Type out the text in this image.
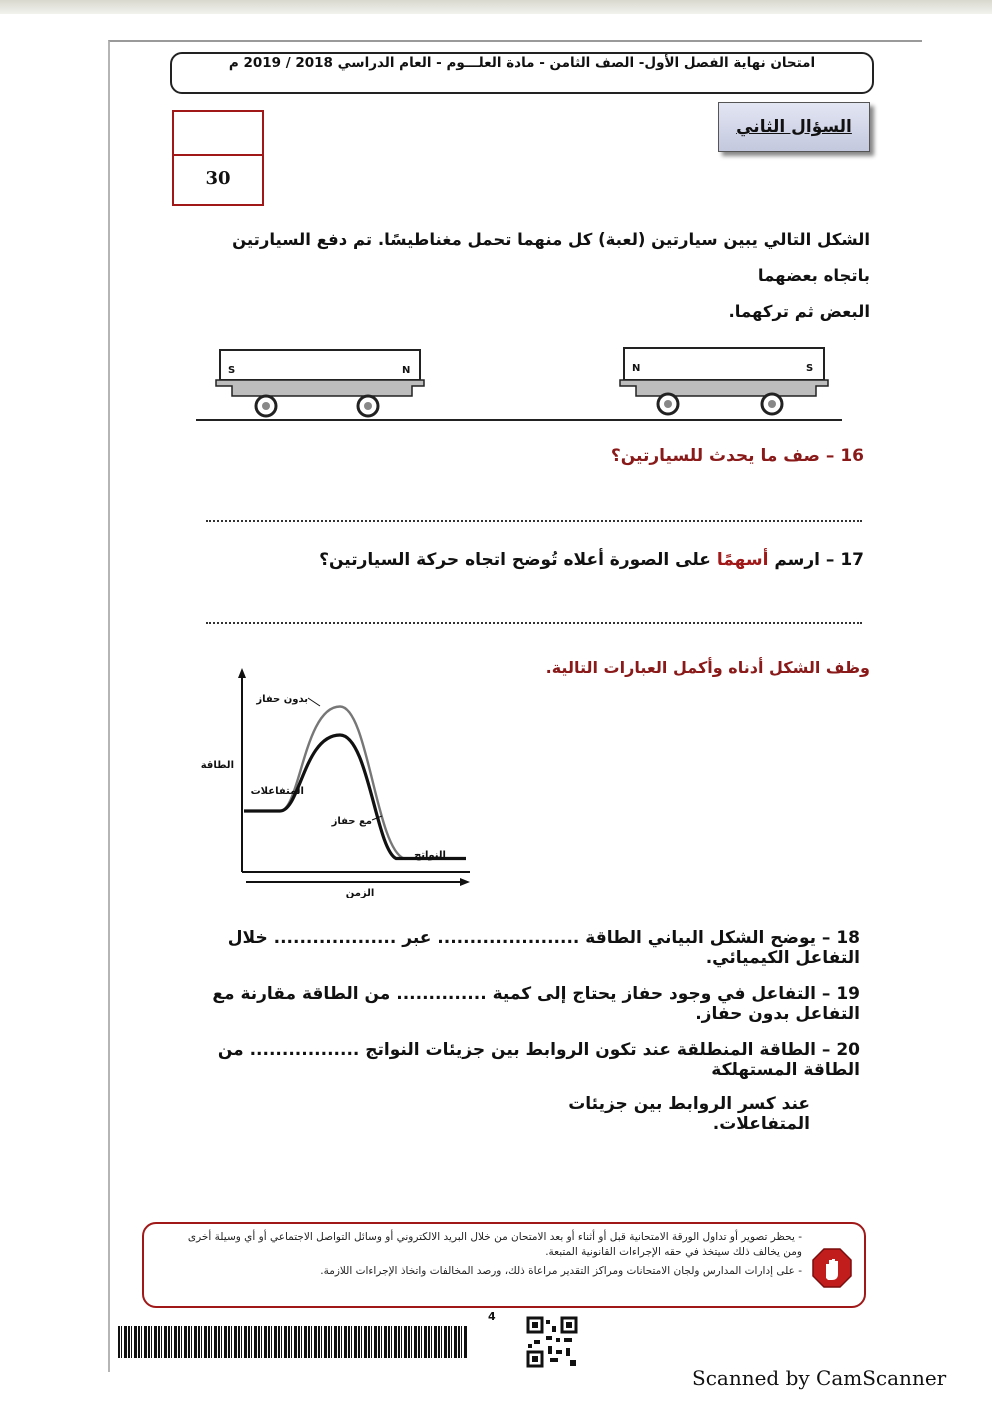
امتحان نهاية الفصل الأول- الصف الثامن - مادة العلـــوم - العام الدراسي 2018 / 2019 م
السؤال الثاني
30
الشكل التالي يبين سيارتين (لعبة) كل منهما تحمل مغناطيسًا. تم دفع السيارتين باتجاه بعضهما
البعض ثم تركهما.
S	N	N	S
16 – صف ما يحدث للسيارتين؟
17 – ارسم أسهمًا على الصورة أعلاه تُوضح اتجاه حركة السيارتين؟
وظف الشكل أدناه وأكمل العبارات التالية.
الطاقة
الزمن
بدون حفاز
المتفاعلات
مع حفاز
النواتج
18 – يوضح الشكل البياني الطاقة ...................... عبر ................... خلال التفاعل الكيميائي.
19 – التفاعل في وجود حفاز يحتاج إلى كمية .............. من الطاقة مقارنة مع التفاعل بدون حفاز.
20 – الطاقة المنطلقة عند تكون الروابط بين جزيئات النواتج ................. من الطاقة المستهلكة
عند كسر الروابط بين جزيئات المتفاعلات.
- يحظر تصوير أو تداول الورقة الامتحانية قبل أو أثناء أو بعد الامتحان من خلال البريد الالكتروني أو وسائل التواصل الاجتماعي أو أي وسيلة أخرى
ومن يخالف ذلك سيتخذ في حقه الإجراءات القانونية المتبعة.
- على إدارات المدارس ولجان الامتحانات ومراكز التقدير مراعاة ذلك، ورصد المخالفات واتخاذ الإجراءات اللازمة.
4
Scanned by CamScanner
